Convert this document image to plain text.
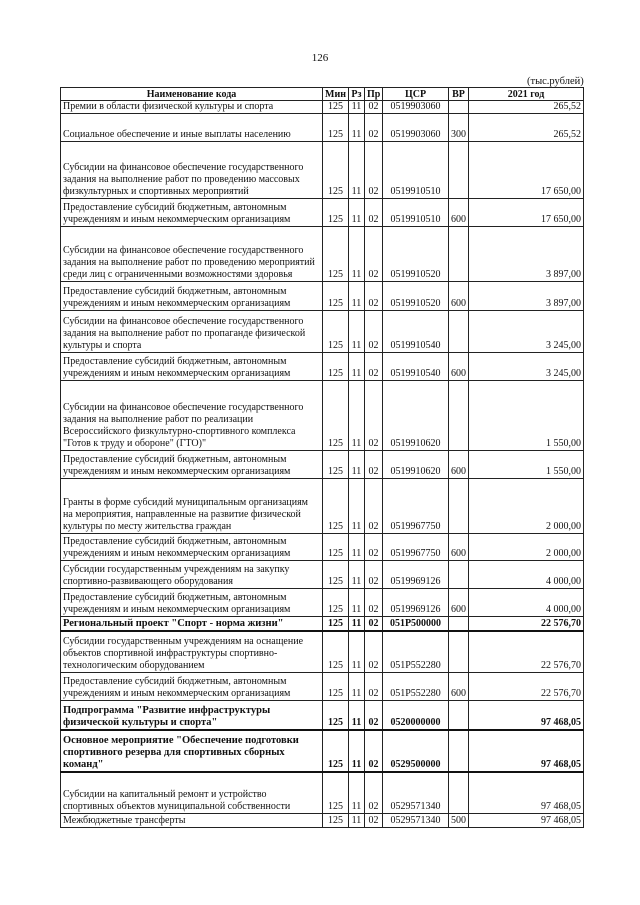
126
(тыс.рублей)
Наименование кода	Мин	Рз	Пр	ЦСР	ВР	2021 год
Премии в области физической культуры и спорта	125	11	02	0519903060		265,52
Социальное обеспечение и иные выплаты населению	125	11	02	0519903060	300	265,52
Субсидии на финансовое обеспечение государственного задания на выполнение работ по проведению массовых физкультурных и спортивных мероприятий	125	11	02	0519910510		17 650,00
Предоставление субсидий бюджетным, автономным учреждениям и иным некоммерческим организациям	125	11	02	0519910510	600	17 650,00
Субсидии на финансовое обеспечение государственного задания на выполнение работ по проведению мероприятий среди лиц с ограниченными возможностями здоровья	125	11	02	0519910520		3 897,00
Предоставление субсидий бюджетным, автономным учреждениям и иным некоммерческим организациям	125	11	02	0519910520	600	3 897,00
Субсидии на финансовое обеспечение государственного задания на выполнение работ по пропаганде физической культуры и спорта	125	11	02	0519910540		3 245,00
Предоставление субсидий бюджетным, автономным учреждениям и иным некоммерческим организациям	125	11	02	0519910540	600	3 245,00
Субсидии на финансовое обеспечение государственного задания на выполнение работ по реализации Всероссийского физкультурно-спортивного комплекса "Готов к труду и обороне" (ГТО)"	125	11	02	0519910620		1 550,00
Предоставление субсидий бюджетным, автономным учреждениям и иным некоммерческим организациям	125	11	02	0519910620	600	1 550,00
Гранты в форме субсидий муниципальным организациям на мероприятия, направленные на развитие физической культуры по месту жительства граждан	125	11	02	0519967750		2 000,00
Предоставление субсидий бюджетным, автономным учреждениям и иным некоммерческим организациям	125	11	02	0519967750	600	2 000,00
Субсидии государственным учреждениям на закупку спортивно-развивающего оборудования	125	11	02	0519969126		4 000,00
Предоставление субсидий бюджетным, автономным учреждениям и иным некоммерческим организациям	125	11	02	0519969126	600	4 000,00
Региональный проект "Спорт - норма жизни"	125	11	02	051P500000		22 576,70
Субсидии государственным учреждениям на оснащение объектов спортивной инфраструктуры спортивно-технологическим оборудованием	125	11	02	051P552280		22 576,70
Предоставление субсидий бюджетным, автономным учреждениям и иным некоммерческим организациям	125	11	02	051P552280	600	22 576,70
Подпрограмма "Развитие инфраструктуры физической культуры и спорта"	125	11	02	0520000000		97 468,05
Основное мероприятие "Обеспечение подготовки спортивного резерва для спортивных сборных команд"	125	11	02	0529500000		97 468,05
Субсидии на капитальный ремонт и устройство спортивных объектов муниципальной собственности	125	11	02	0529571340		97 468,05
Межбюджетные трансферты	125	11	02	0529571340	500	97 468,05
